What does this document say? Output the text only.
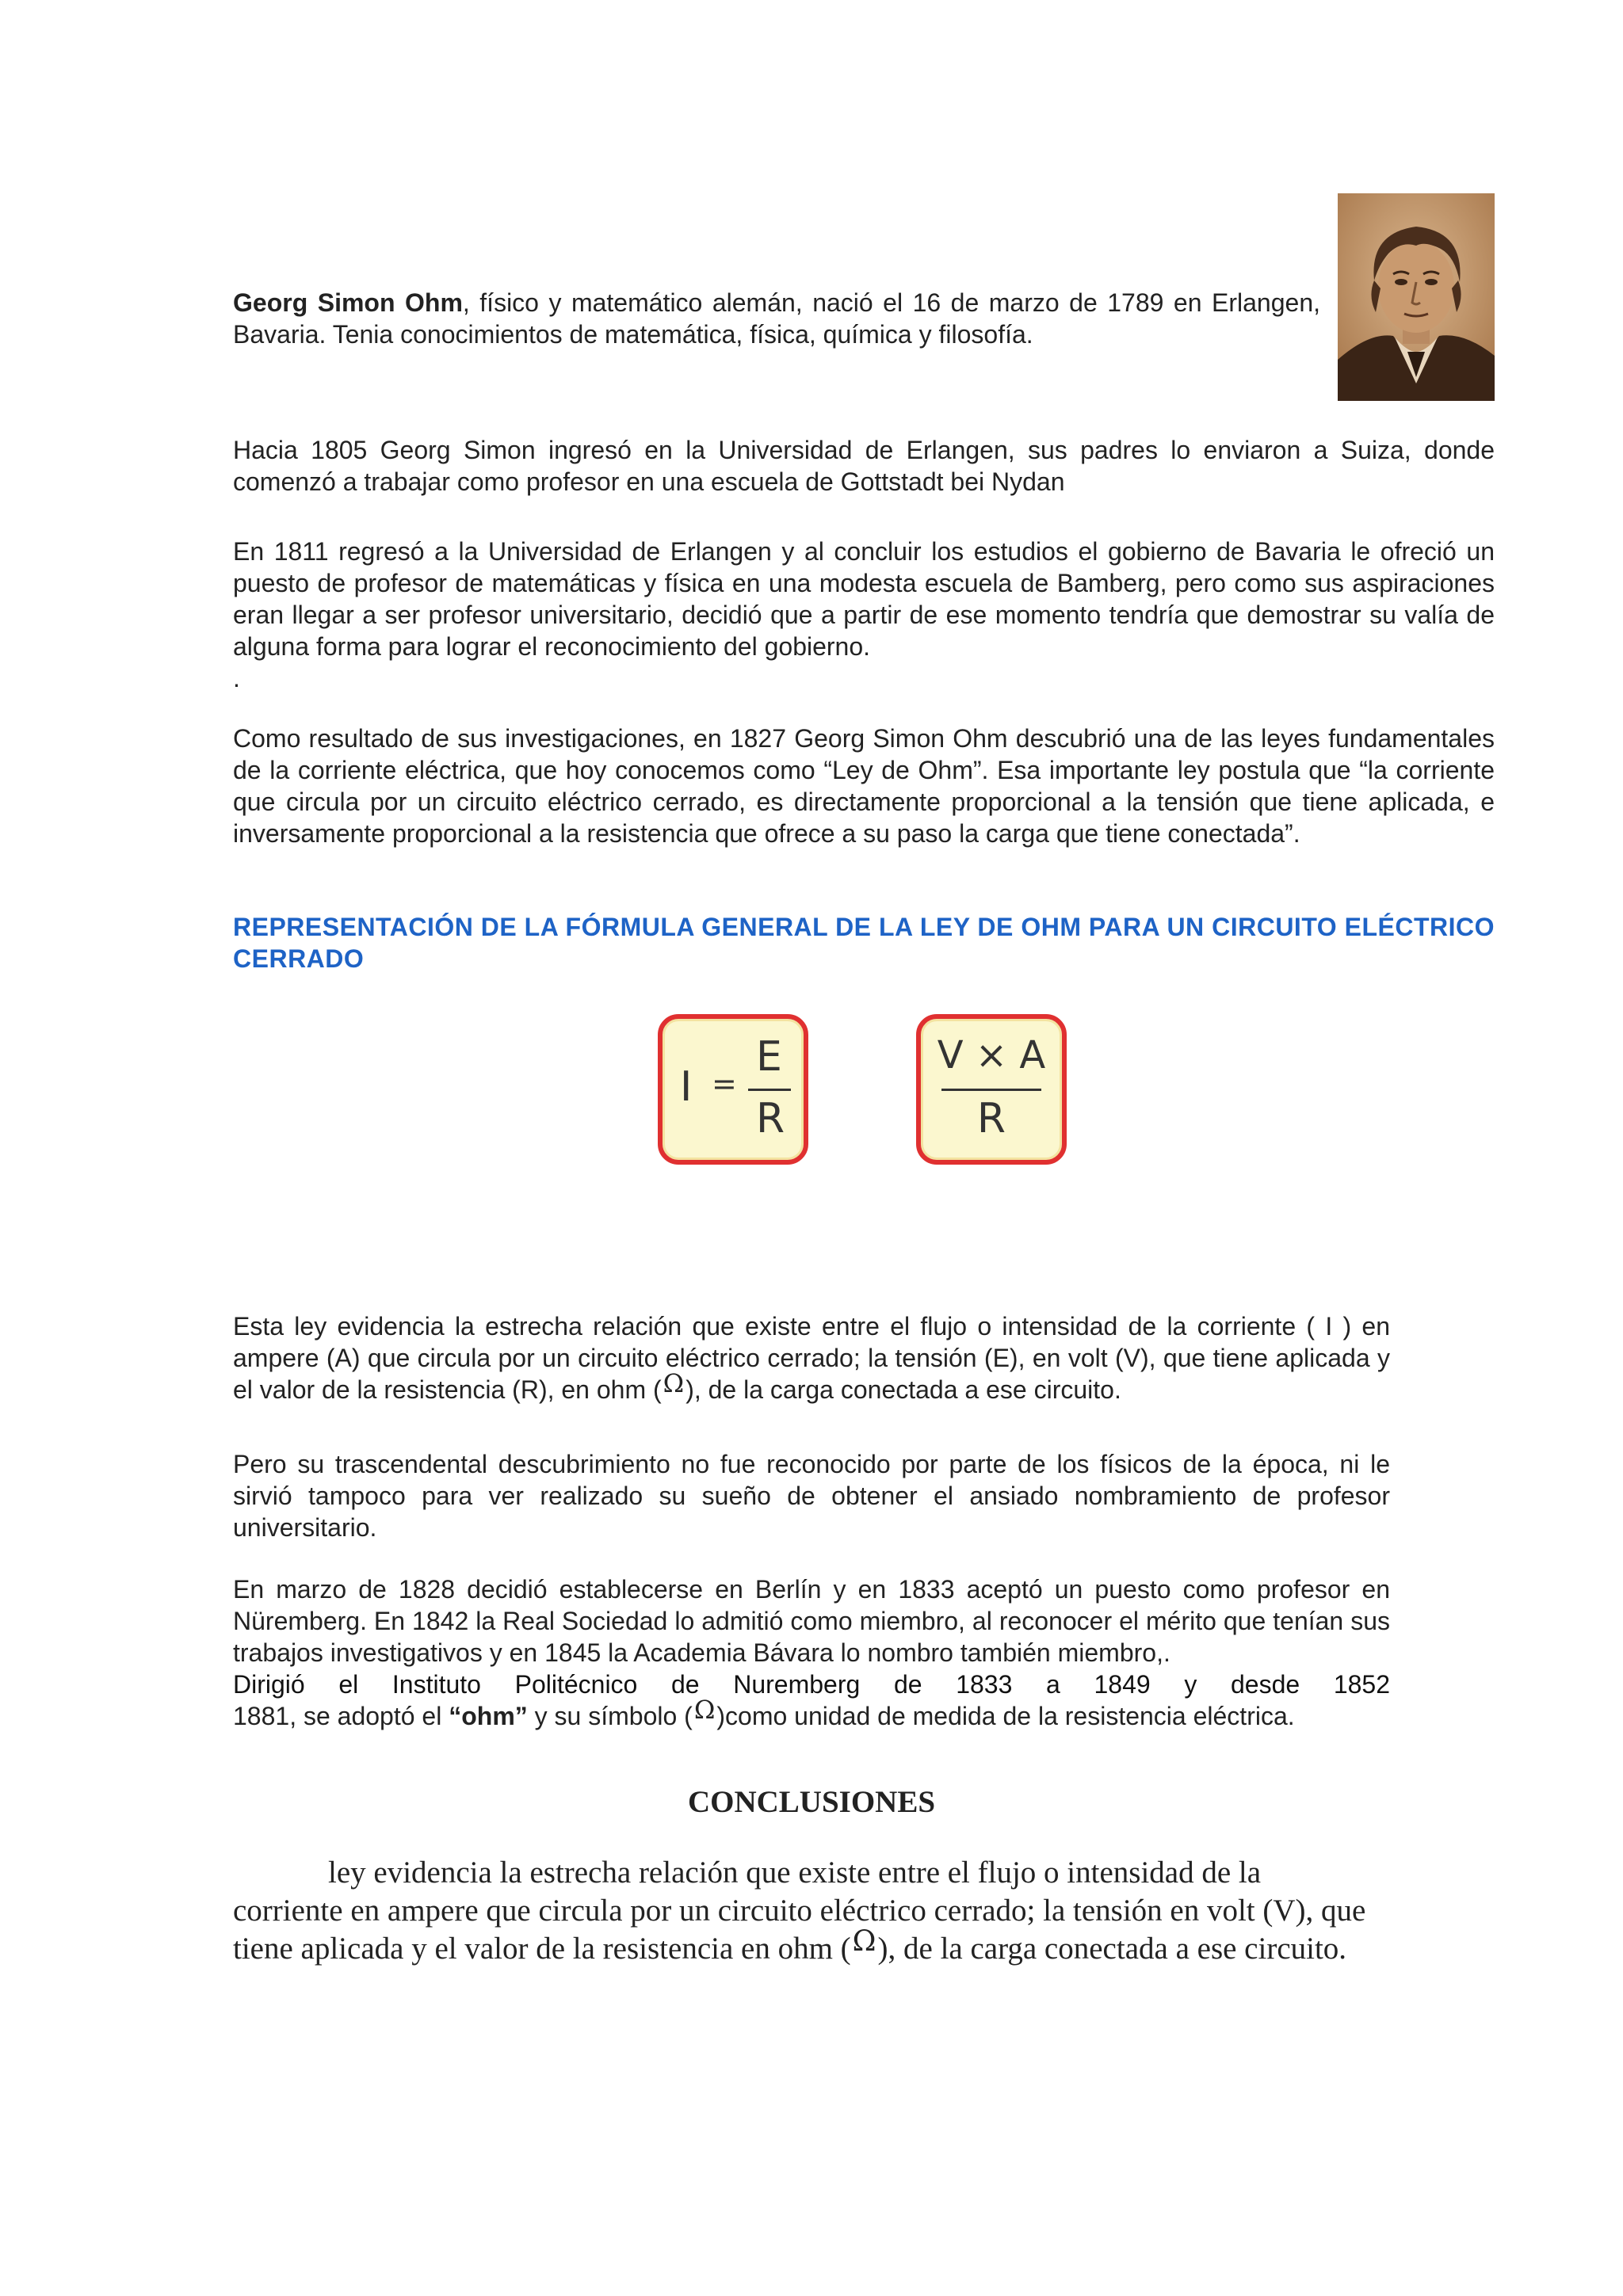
Georg Simon Ohm, físico y matemático alemán, nació el 16 de marzo de 1789 en Erlangen, Bavaria. Tenia conocimientos de matemática, física, química y filosofía.

Hacia 1805 Georg Simon ingresó en la Universidad de Erlangen, sus padres lo enviaron a Suiza, donde comenzó a trabajar como profesor en una escuela de Gottstadt bei Nydan

En 1811 regresó a la Universidad de Erlangen y al concluir los estudios el gobierno de Bavaria le ofreció un puesto de profesor de matemáticas y física en una modesta escuela de Bamberg, pero como sus aspiraciones eran llegar a ser profesor universitario, decidió que a partir de ese momento tendría que demostrar su valía de alguna forma para lograr el reconocimiento del gobierno.

.

Como resultado de sus investigaciones, en 1827 Georg Simon Ohm descubrió una de las leyes fundamentales de la corriente eléctrica, que hoy conocemos como “Ley de Ohm”. Esa importante ley postula que “la corriente que circula por un circuito eléctrico cerrado, es directamente proporcional a la tensión que tiene aplicada, e inversamente proporcional a la resistencia que ofrece a su paso la carga que tiene conectada”.

REPRESENTACIÓN DE LA FÓRMULA GENERAL DE LA LEY DE OHM PARA UN CIRCUITO ELÉCTRICO CERRADO

I =
E
R
V × A
R

Esta ley evidencia la estrecha relación que existe entre el flujo o intensidad de la corriente ( I ) en ampere (A) que circula por un circuito eléctrico cerrado; la tensión (E), en volt (V), que tiene aplicada y el valor de la resistencia (R), en ohm (Ω), de la carga conectada a ese circuito.

Pero su trascendental descubrimiento no fue reconocido por parte de los físicos de la época, ni le sirvió tampoco para ver realizado su sueño de obtener el ansiado nombramiento de profesor universitario.

En marzo de 1828 decidió establecerse en Berlín y en 1833 aceptó un puesto como profesor en Nüremberg. En 1842 la Real Sociedad lo admitió como miembro, al reconocer el mérito que tenían sus trabajos investigativos y en 1845 la Academia Bávara lo nombro también miembro,.

Dirigió el Instituto Politécnico de Nuremberg de 1833 a 1849 y desde 1852

1881, se adoptó el “ohm” y su símbolo (Ω)como unidad de medida de la resistencia eléctrica.

CONCLUSIONES

ley evidencia la estrecha relación que existe entre el flujo o intensidad de la corriente en ampere que circula por un circuito eléctrico cerrado; la tensión en volt (V), que tiene aplicada y el valor de la resistencia en ohm (Ω), de la carga conectada a ese circuito.
